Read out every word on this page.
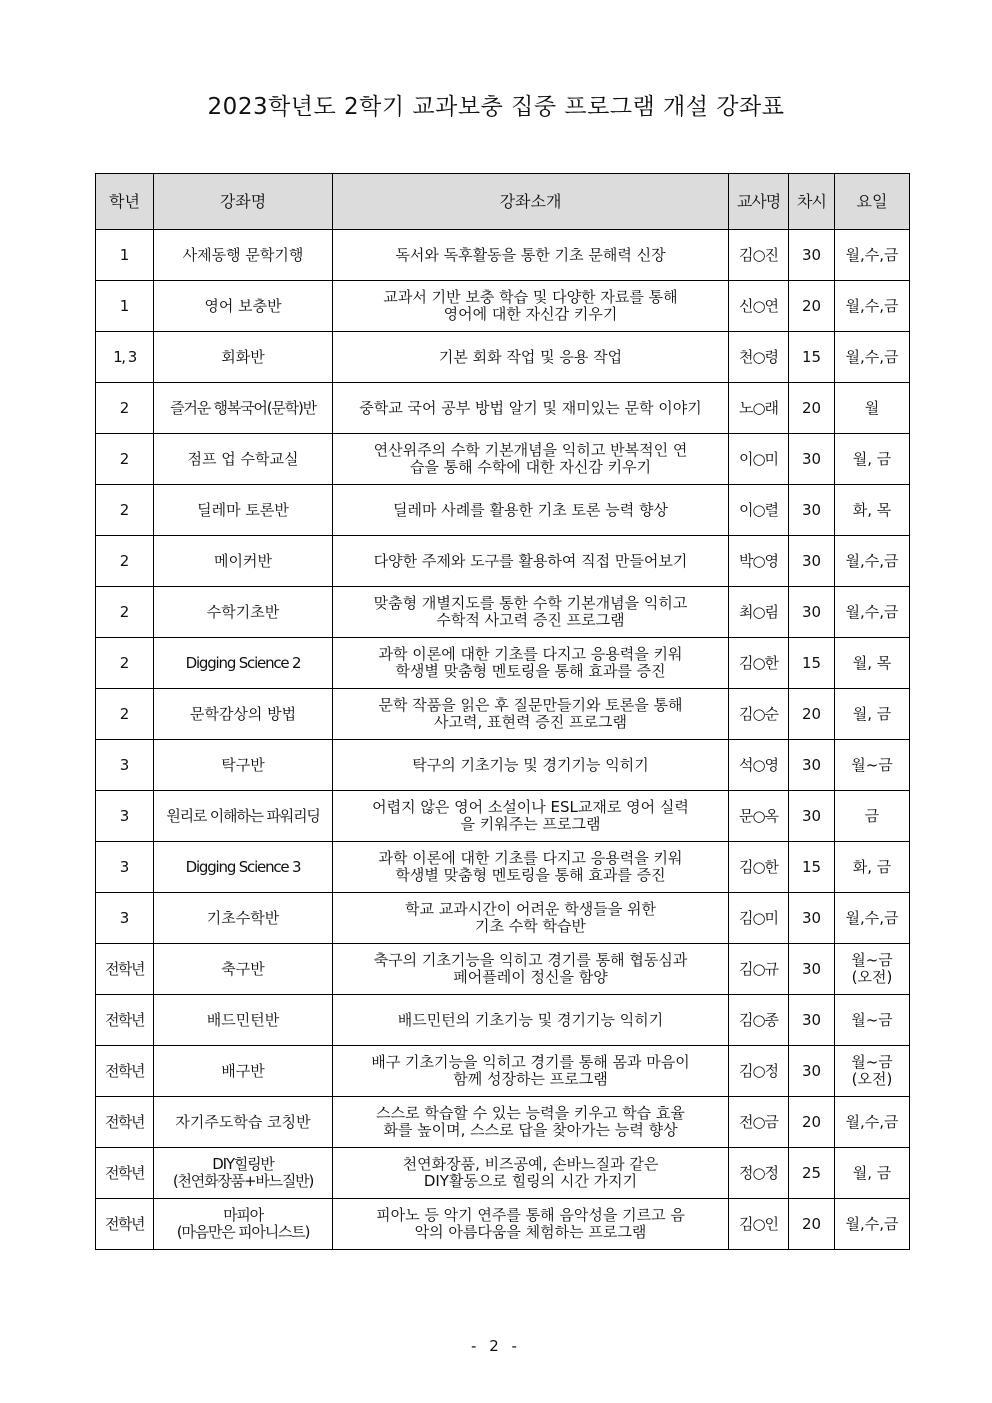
2023학년도 2학기 교과보충 집중 프로그램 개설 강좌표
학년	강좌명	강좌소개	교사명	차시	요일
1	사제동행 문학기행	독서와 독후활동을 통한 기초 문해력 신장	김○진	30	월,수,금

1	영어 보충반	교과서 기반 보충 학습 및 다양한 자료를 통해
영어에 대한 자신감 키우기	신○연	20	월,수,금

1, 3	회화반	기본 회화 작업 및 응용 작업	천○령	15	월,수,금

2	즐거운 행복국어(문학)반	중학교 국어 공부 방법 알기 및 재미있는 문학 이야기	노○래	20	월

2	점프 업 수학교실	연산위주의 수학 기본개념을 익히고 반복적인 연
습을 통해 수학에 대한 자신감 키우기	이○미	30	월, 금

2	딜레마 토론반	딜레마 사례를 활용한 기초 토론 능력 향상	이○렬	30	화, 목

2	메이커반	다양한 주제와 도구를 활용하여 직접 만들어보기	박○영	30	월,수,금

2	수학기초반	맞춤형 개별지도를 통한 수학 기본개념을 익히고
수학적 사고력 증진 프로그램	최○림	30	월,수,금

2	Digging Science 2	과학 이론에 대한 기초를 다지고 응용력을 키워
학생별 맞춤형 멘토링을 통해 효과를 증진	김○한	15	월, 목

2	문학감상의 방법	문학 작품을 읽은 후 질문만들기와 토론을 통해
사고력, 표현력 증진 프로그램	김○순	20	월, 금

3	탁구반	탁구의 기초기능 및 경기기능 익히기	석○영	30	월~금

3	원리로 이해하는 파워리딩	어렵지 않은 영어 소설이나 ESL교재로 영어 실력
을 키워주는 프로그램	문○옥	30	금

3	Digging Science 3	과학 이론에 대한 기초를 다지고 응용력을 키워
학생별 맞춤형 멘토링을 통해 효과를 증진	김○한	15	화, 금

3	기초수학반	학교 교과시간이 어려운 학생들을 위한
기초 수학 학습반	김○미	30	월,수,금

전학년	축구반	축구의 기초기능을 익히고 경기를 통해 협동심과
페어플레이 정신을 함양	김○규	30	월~금
(오전)

전학년	배드민턴반	배드민턴의 기초기능 및 경기기능 익히기	김○종	30	월~금

전학년	배구반	배구 기초기능을 익히고 경기를 통해 몸과 마음이
함께 성장하는 프로그램	김○정	30	월~금
(오전)

전학년	자기주도학습 코칭반	스스로 학습할 수 있는 능력을 키우고 학습 효율
화를 높이며, 스스로 답을 찾아가는 능력 향상	전○금	20	월,수,금

전학년	DIY힐링반
(천연화장품+바느질반)	천연화장품, 비즈공예, 손바느질과 같은
DIY활동으로 힐링의 시간 가지기	정○정	25	월, 금

전학년	마피아
(마음만은 피아니스트)	피아노 등 악기 연주를 통해 음악성을 기르고 음
악의 아름다움을 체험하는 프로그램	김○인	20	월,수,금
- 2 -
